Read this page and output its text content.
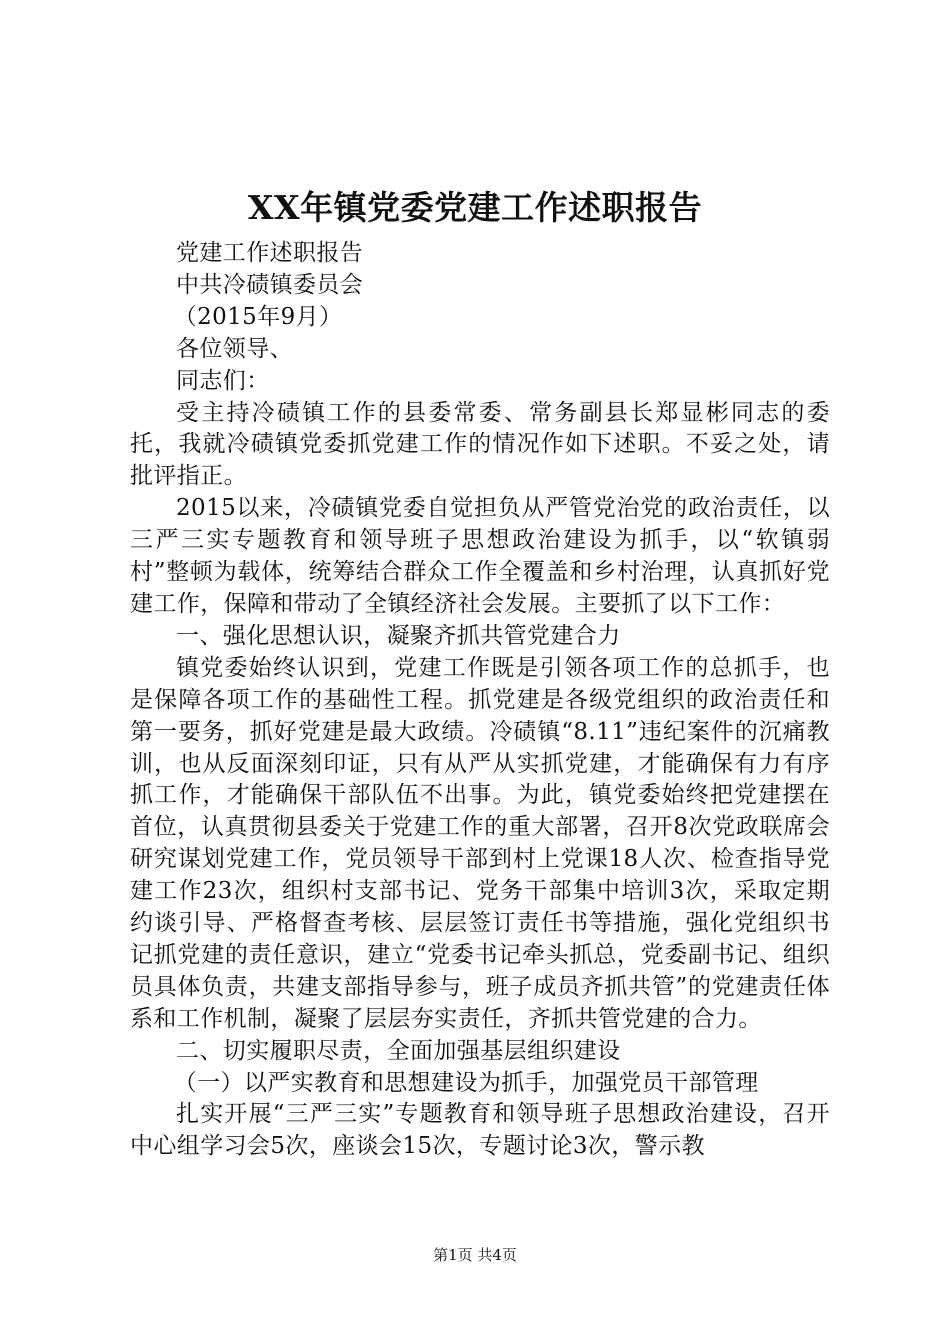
XX年镇党委党建工作述职报告

党建工作述职报告

中共冷碛镇委员会

（2015年9月）

各位领导、

同志们：

受主持冷碛镇工作的县委常委、常务副县长郑显彬同志的委托，我就冷碛镇党委抓党建工作的情况作如下述职。不妥之处，请批评指正。

2015以来，冷碛镇党委自觉担负从严管党治党的政治责任，以三严三实专题教育和领导班子思想政治建设为抓手，以“软镇弱村”整顿为载体，统筹结合群众工作全覆盖和乡村治理，认真抓好党建工作，保障和带动了全镇经济社会发展。主要抓了以下工作：

一、强化思想认识，凝聚齐抓共管党建合力

镇党委始终认识到，党建工作既是引领各项工作的总抓手，也是保障各项工作的基础性工程。抓党建是各级党组织的政治责任和第一要务，抓好党建是最大政绩。冷碛镇“8.11”违纪案件的沉痛教训，也从反面深刻印证，只有从严从实抓党建，才能确保有力有序抓工作，才能确保干部队伍不出事。为此，镇党委始终把党建摆在首位，认真贯彻县委关于党建工作的重大部署，召开8次党政联席会研究谋划党建工作，党员领导干部到村上党课18人次、检查指导党建工作23次，组织村支部书记、党务干部集中培训3次，采取定期约谈引导、严格督查考核、层层签订责任书等措施，强化党组织书记抓党建的责任意识，建立“党委书记牵头抓总，党委副书记、组织员具体负责，共建支部指导参与，班子成员齐抓共管”的党建责任体系和工作机制，凝聚了层层夯实责任，齐抓共管党建的合力。

二、切实履职尽责，全面加强基层组织建设

（一）以严实教育和思想建设为抓手，加强党员干部管理

扎实开展“三严三实”专题教育和领导班子思想政治建设，召开中心组学习会5次，座谈会15次，专题讨论3次，警示教

第1页 共4页
